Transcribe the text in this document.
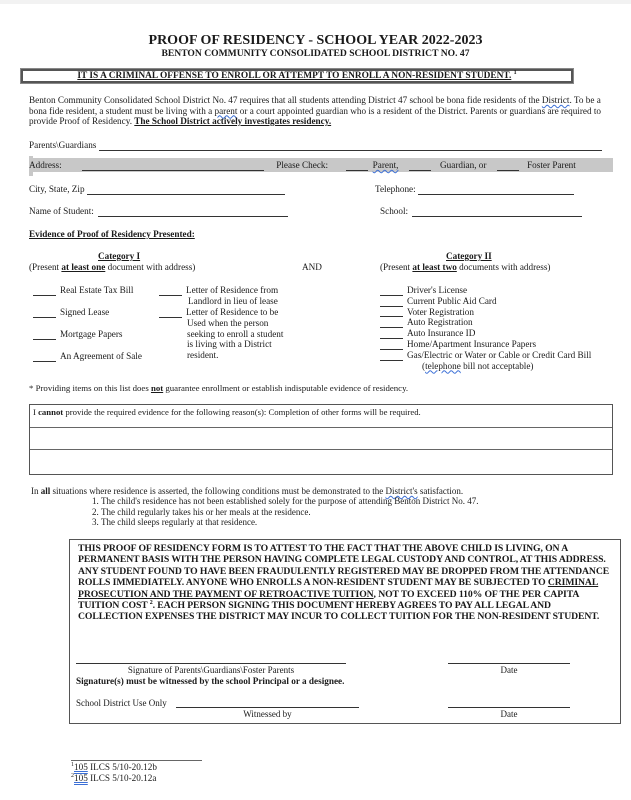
PROOF OF RESIDENCY - SCHOOL YEAR 2022-2023
BENTON COMMUNITY CONSOLIDATED SCHOOL DISTRICT NO. 47
IT IS A CRIMINAL OFFENSE TO ENROLL OR ATTEMPT TO ENROLL A NON-RESIDENT STUDENT. $^1$
Benton Community Consolidated School District No. 47 requires that all students attending District 47 school be bona fide residents of the District. To be a bona fide resident, a student must be living with a parent or a court appointed guardian who is a resident of the District. Parents or guardians are required to provide Proof of Residency. The School District actively investigates residency.
Parents\Guardians
Address:	Please Check:	Parent,	Guardian, or	Foster Parent
City, State, Zip	Telephone:
Name of Student:	School:
Evidence of Proof of Residency Presented:
Category I
(Present at least one document with address)	AND
Category II
(Present at least two documents with address)
Real Estate Tax Bill
Signed Lease
Mortgage Papers
An Agreement of Sale
Letter of Residence from
Landlord in lieu of lease
Letter of Residence to be
Used when the person
seeking to enroll a student
is living with a District
resident.
Driver's License
Current Public Aid Card
Voter Registration
Auto Registration
Auto Insurance ID
Home/Apartment Insurance Papers
Gas/Electric or Water or Cable or Credit Card Bill
(telephone bill not acceptable)
* Providing items on this list does not guarantee enrollment or establish indisputable evidence of residency.
I cannot provide the required evidence for the following reason(s): Completion of other forms will be required.
In all situations where residence is asserted, the following conditions must be demonstrated to the District's satisfaction.
1. The child's residence has not been established solely for the purpose of attending Benton District No. 47.
2. The child regularly takes his or her meals at the residence.
3. The child sleeps regularly at that residence.
THIS PROOF OF RESIDENCY FORM IS TO ATTEST TO THE FACT THAT THE ABOVE CHILD IS LIVING, ON A PERMANENT BASIS WITH THE PERSON HAVING COMPLETE LEGAL CUSTODY AND CONTROL, AT THIS ADDRESS. ANY STUDENT FOUND TO HAVE BEEN FRAUDULENTLY REGISTERED MAY BE DROPPED FROM THE ATTENDANCE ROLLS IMMEDIATELY. ANYONE WHO ENROLLS A NON-RESIDENT STUDENT MAY BE SUBJECTED TO CRIMINAL PROSECUTION AND THE PAYMENT OF RETROACTIVE TUITION, NOT TO EXCEED 110% OF THE PER CAPITA TUITION COST $^2$. EACH PERSON SIGNING THIS DOCUMENT HEREBY AGREES TO PAY ALL LEGAL AND COLLECTION EXPENSES THE DISTRICT MAY INCUR TO COLLECT TUITION FOR THE NON-RESIDENT STUDENT.
Signature of Parents\Guardians\Foster Parents	Date
Signature(s) must be witnessed by the school Principal or a designee.
School District Use Only
Witnessed by	Date
$^1$105 ILCS 5/10-20.12b
$^2$105 ILCS 5/10-20.12a
